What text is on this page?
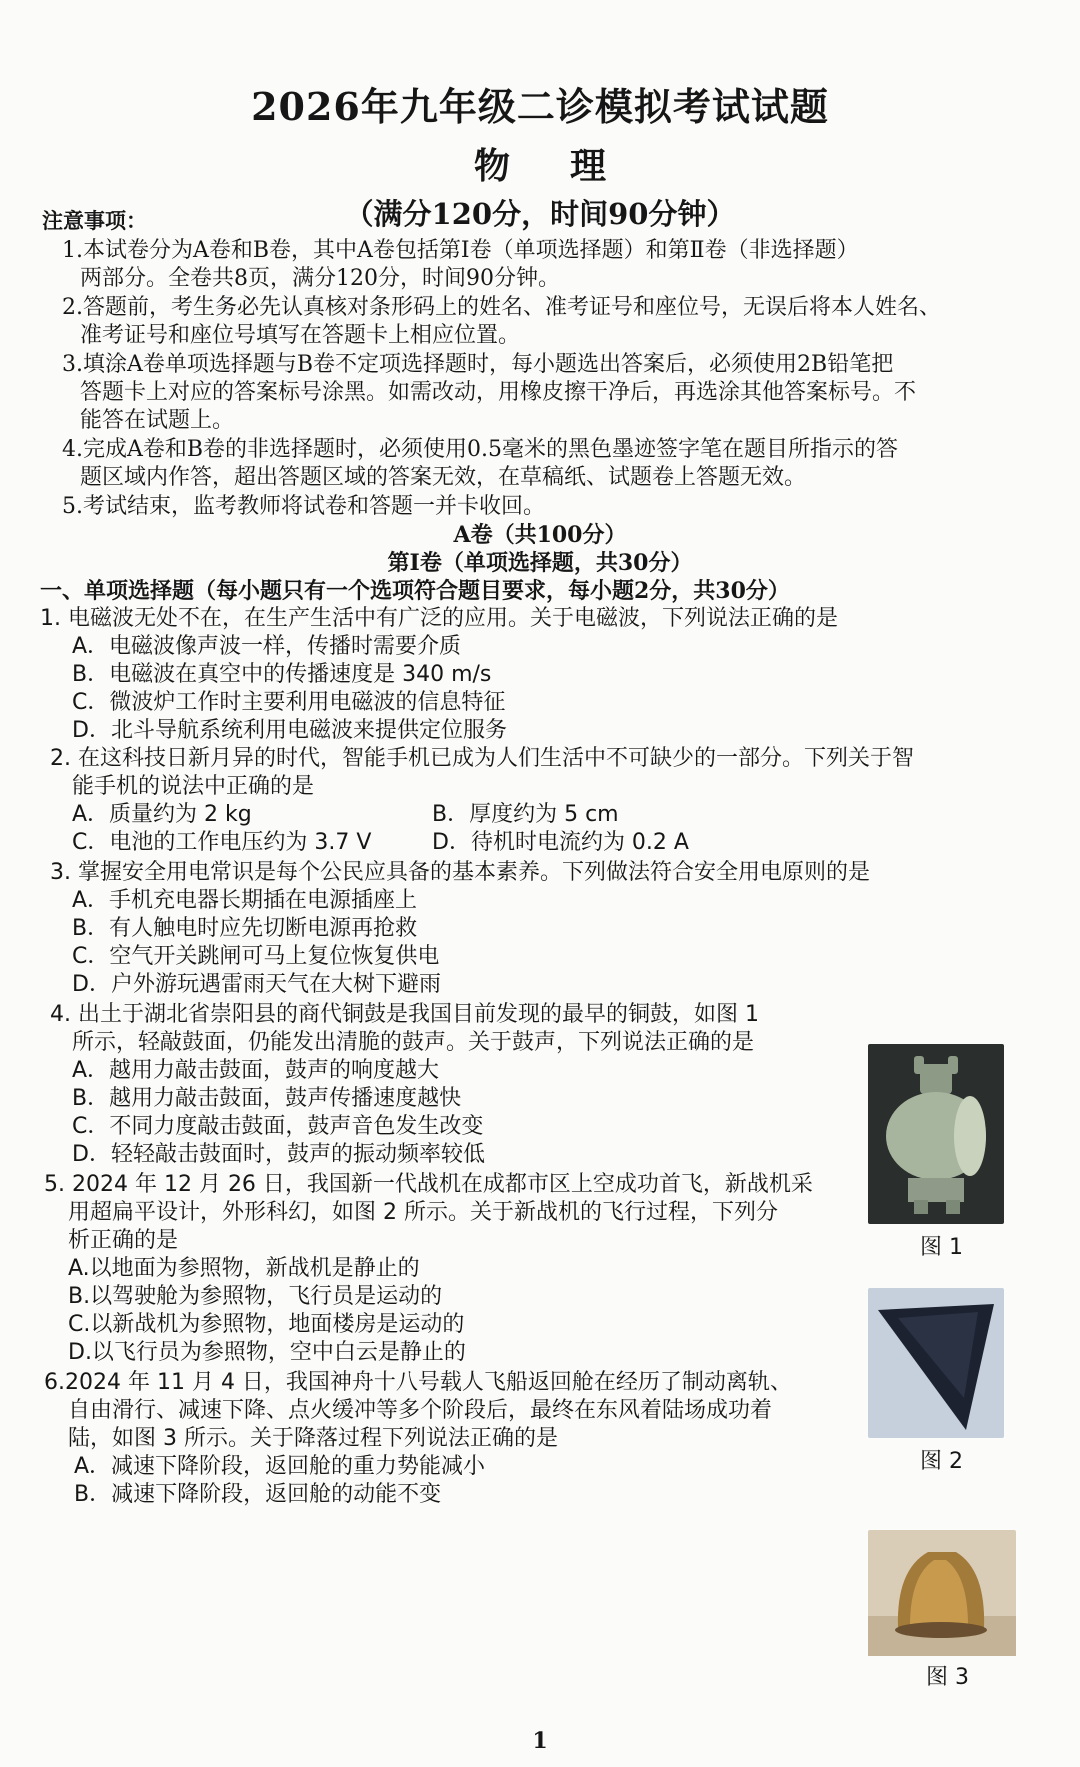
2026年九年级二诊模拟考试试题
物理
（满分120分，时间90分钟）
注意事项：
1.本试卷分为A卷和B卷，其中A卷包括第Ⅰ卷（单项选择题）和第Ⅱ卷（非选择题）
两部分。全卷共8页，满分120分，时间90分钟。
2.答题前，考生务必先认真核对条形码上的姓名、准考证号和座位号，无误后将本人姓名、
准考证号和座位号填写在答题卡上相应位置。
3.填涂A卷单项选择题与B卷不定项选择题时，每小题选出答案后，必须使用2B铅笔把
答题卡上对应的答案标号涂黑。如需改动，用橡皮擦干净后，再选涂其他答案标号。不
能答在试题上。
4.完成A卷和B卷的非选择题时，必须使用0.5毫米的黑色墨迹签字笔在题目所指示的答
题区域内作答，超出答题区域的答案无效，在草稿纸、试题卷上答题无效。
5.考试结束，监考教师将试卷和答题一并卡收回。
A卷（共100分）
第Ⅰ卷（单项选择题，共30分）
一、单项选择题（每小题只有一个选项符合题目要求，每小题2分，共30分）
1. 电磁波无处不在，在生产生活中有广泛的应用。关于电磁波，下列说法正确的是
A．电磁波像声波一样，传播时需要介质
B．电磁波在真空中的传播速度是 340 m/s
C．微波炉工作时主要利用电磁波的信息特征
D．北斗导航系统利用电磁波来提供定位服务
2. 在这科技日新月异的时代，智能手机已成为人们生活中不可缺少的一部分。下列关于智
能手机的说法中正确的是
A．质量约为 2 kg	B．厚度约为 5 cm
C．电池的工作电压约为 3.7 V	D．待机时电流约为 0.2 A
3. 掌握安全用电常识是每个公民应具备的基本素养。下列做法符合安全用电原则的是
A．手机充电器长期插在电源插座上
B．有人触电时应先切断电源再抢救
C．空气开关跳闸可马上复位恢复供电
D．户外游玩遇雷雨天气在大树下避雨
4. 出土于湖北省崇阳县的商代铜鼓是我国目前发现的最早的铜鼓，如图 1
所示，轻敲鼓面，仍能发出清脆的鼓声。关于鼓声，下列说法正确的是
A．越用力敲击鼓面，鼓声的响度越大
B．越用力敲击鼓面，鼓声传播速度越快
C．不同力度敲击鼓面，鼓声音色发生改变
D．轻轻敲击鼓面时，鼓声的振动频率较低
5. 2024 年 12 月 26 日，我国新一代战机在成都市区上空成功首飞，新战机采
用超扁平设计，外形科幻，如图 2 所示。关于新战机的飞行过程，下列分
析正确的是
A.以地面为参照物，新战机是静止的
B.以驾驶舱为参照物，飞行员是运动的
C.以新战机为参照物，地面楼房是运动的
D.以飞行员为参照物，空中白云是静止的
6.2024 年 11 月 4 日，我国神舟十八号载人飞船返回舱在经历了制动离轨、
自由滑行、减速下降、点火缓冲等多个阶段后，最终在东风着陆场成功着
陆，如图 3 所示。关于降落过程下列说法正确的是
A．减速下降阶段，返回舱的重力势能减小
B．减速下降阶段，返回舱的动能不变
图 1
图 2
图 3
1
